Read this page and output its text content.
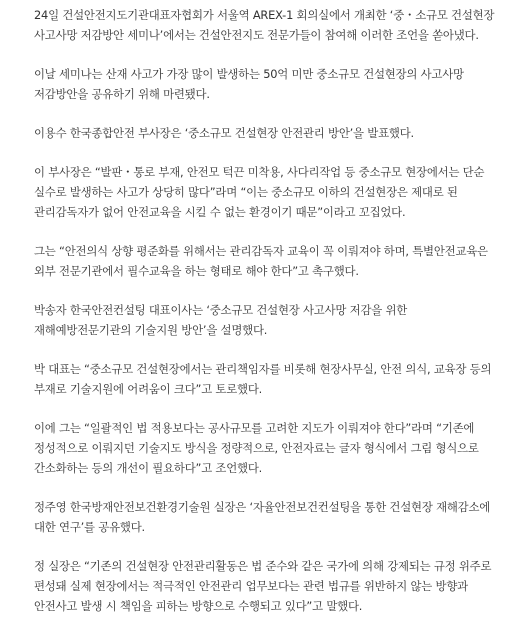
24일 건설안전지도기관대표자협회가 서울역 AREX-1 회의실에서 개최한 ‘중・소규모 건설현장 사고사망 저감방안 세미나’에서는 건설안전지도 전문가들이 참여해 이러한 조언을 쏟아냈다.

이날 세미나는 산재 사고가 가장 많이 발생하는 50억 미만 중소규모 건설현장의 사고사망 저감방안을 공유하기 위해 마련됐다.

이용수 한국종합안전 부사장은 ‘중소규모 건설현장 안전관리 방안’을 발표했다.

이 부사장은 “발판・통로 부재, 안전모 턱끈 미착용, 사다리작업 등 중소규모 현장에서는 단순 실수로 발생하는 사고가 상당히 많다”라며 “이는 중소규모 이하의 건설현장은 제대로 된 관리감독자가 없어 안전교육을 시킬 수 없는 환경이기 때문”이라고 꼬집었다.

그는 “안전의식 상향 평준화를 위해서는 관리감독자 교육이 꼭 이뤄져야 하며, 특별안전교육은 외부 전문기관에서 필수교육을 하는 형태로 해야 한다”고 촉구했다.

박송자 한국안전컨설팅 대표이사는 ‘중소규모 건설현장 사고사망 저감을 위한 재해예방전문기관의 기술지원 방안’을 설명했다.

박 대표는 “중소규모 건설현장에서는 관리책임자를 비롯해 현장사무실, 안전 의식, 교육장 등의 부재로 기술지원에 어려움이 크다”고 토로했다.

이에 그는 “일괄적인 법 적용보다는 공사규모를 고려한 지도가 이뤄져야 한다”라며 “기존에 정성적으로 이뤄지던 기술지도 방식을 정량적으로, 안전자료는 글자 형식에서 그림 형식으로 간소화하는 등의 개선이 필요하다”고 조언했다.

정주영 한국방재안전보건환경기술원 실장은 ‘자율안전보건컨설팅을 통한 건설현장 재해감소에 대한 연구’를 공유했다.

정 실장은 “기존의 건설현장 안전관리활동은 법 준수와 같은 국가에 의해 강제되는 규정 위주로 편성돼 실제 현장에서는 적극적인 안전관리 업무보다는 관련 법규를 위반하지 않는 방향과 안전사고 발생 시 책임을 피하는 방향으로 수행되고 있다”고 말했다.
